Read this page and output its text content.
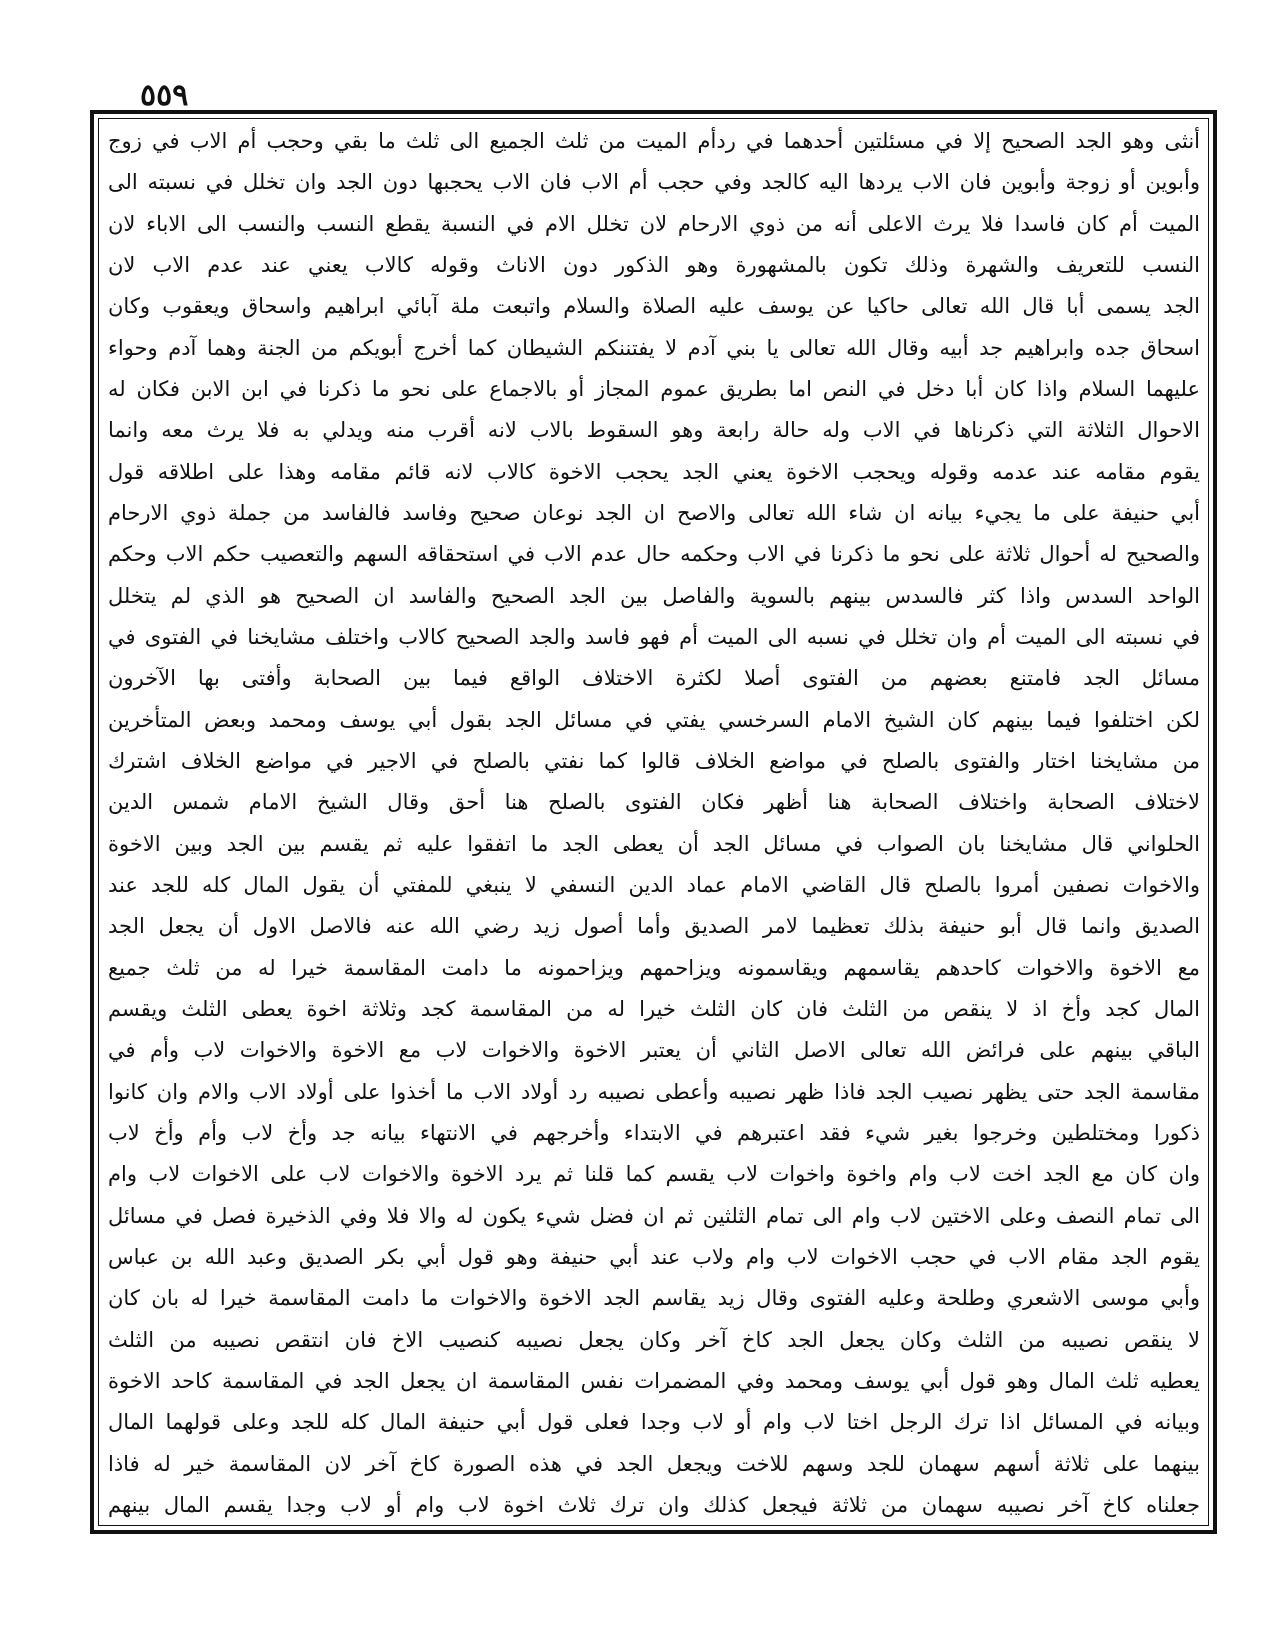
٥٥٩
أنثى وهو الجد الصحيح إلا في مسئلتين أحدهما في ردأم الميت من ثلث الجميع الى ثلث ما بقي وحجب أم الاب في زوج
وأبوين أو زوجة وأبوين فان الاب يردها اليه كالجد وفي حجب أم الاب فان الاب يحجبها دون الجد وان تخلل في نسبته الى
الميت أم كان فاسدا فلا يرث الاعلى أنه من ذوي الارحام لان تخلل الام في النسبة يقطع النسب والنسب الى الاباء لان
النسب للتعريف والشهرة وذلك تكون بالمشهورة وهو الذكور دون الاناث وقوله كالاب يعني عند عدم الاب لان
الجد يسمى أبا قال الله تعالى حاكيا عن يوسف عليه الصلاة والسلام واتبعت ملة آبائي ابراهيم واسحاق ويعقوب وكان
اسحاق جده وابراهيم جد أبيه وقال الله تعالى يا بني آدم لا يفتننكم الشيطان كما أخرج أبويكم من الجنة وهما آدم وحواء
عليهما السلام واذا كان أبا دخل في النص اما بطريق عموم المجاز أو بالاجماع على نحو ما ذكرنا في ابن الابن فكان له
الاحوال الثلاثة التي ذكرناها في الاب وله حالة رابعة وهو السقوط بالاب لانه أقرب منه ويدلي به فلا يرث معه وانما
يقوم مقامه عند عدمه وقوله ويحجب الاخوة يعني الجد يحجب الاخوة كالاب لانه قائم مقامه وهذا على اطلاقه قول
أبي حنيفة على ما يجيء بيانه ان شاء الله تعالى والاصح ان الجد نوعان صحيح وفاسد فالفاسد من جملة ذوي الارحام
والصحيح له أحوال ثلاثة على نحو ما ذكرنا في الاب وحكمه حال عدم الاب في استحقاقه السهم والتعصيب حكم الاب وحكم
الواحد السدس واذا كثر فالسدس بينهم بالسوية والفاصل بين الجد الصحيح والفاسد ان الصحيح هو الذي لم يتخلل
في نسبته الى الميت أم وان تخلل في نسبه الى الميت أم فهو فاسد والجد الصحيح كالاب واختلف مشايخنا في الفتوى في
مسائل الجد فامتنع بعضهم من الفتوى أصلا لكثرة الاختلاف الواقع فيما بين الصحابة وأفتى بها الآخرون
لكن اختلفوا فيما بينهم كان الشيخ الامام السرخسي يفتي في مسائل الجد بقول أبي يوسف ومحمد وبعض المتأخرين
من مشايخنا اختار والفتوى بالصلح في مواضع الخلاف قالوا كما نفتي بالصلح في الاجير في مواضع الخلاف اشترك
لاختلاف الصحابة واختلاف الصحابة هنا أظهر فكان الفتوى بالصلح هنا أحق وقال الشيخ الامام شمس الدين
الحلواني قال مشايخنا بان الصواب في مسائل الجد أن يعطى الجد ما اتفقوا عليه ثم يقسم بين الجد وبين الاخوة
والاخوات نصفين أمروا بالصلح قال القاضي الامام عماد الدين النسفي لا ينبغي للمفتي أن يقول المال كله للجد عند
الصديق وانما قال أبو حنيفة بذلك تعظيما لامر الصديق وأما أصول زيد رضي الله عنه فالاصل الاول أن يجعل الجد
مع الاخوة والاخوات كاحدهم يقاسمهم ويقاسمونه ويزاحمهم ويزاحمونه ما دامت المقاسمة خيرا له من ثلث جميع
المال كجد وأخ اذ لا ينقص من الثلث فان كان الثلث خيرا له من المقاسمة كجد وثلاثة اخوة يعطى الثلث ويقسم
الباقي بينهم على فرائض الله تعالى الاصل الثاني أن يعتبر الاخوة والاخوات لاب مع الاخوة والاخوات لاب وأم في
مقاسمة الجد حتى يظهر نصيب الجد فاذا ظهر نصيبه وأعطى نصيبه رد أولاد الاب ما أخذوا على أولاد الاب والام وان كانوا
ذكورا ومختلطين وخرجوا بغير شيء فقد اعتبرهم في الابتداء وأخرجهم في الانتهاء بيانه جد وأخ لاب وأم وأخ لاب
وان كان مع الجد اخت لاب وام واخوة واخوات لاب يقسم كما قلنا ثم يرد الاخوة والاخوات لاب على الاخوات لاب وام
الى تمام النصف وعلى الاختين لاب وام الى تمام الثلثين ثم ان فضل شيء يكون له والا فلا وفي الذخيرة فصل في مسائل
يقوم الجد مقام الاب في حجب الاخوات لاب وام ولاب عند أبي حنيفة وهو قول أبي بكر الصديق وعبد الله بن عباس
وأبي موسى الاشعري وطلحة وعليه الفتوى وقال زيد يقاسم الجد الاخوة والاخوات ما دامت المقاسمة خيرا له بان كان
لا ينقص نصيبه من الثلث وكان يجعل الجد كاخ آخر وكان يجعل نصيبه كنصيب الاخ فان انتقص نصيبه من الثلث
يعطيه ثلث المال وهو قول أبي يوسف ومحمد وفي المضمرات نفس المقاسمة ان يجعل الجد في المقاسمة كاحد الاخوة
وبيانه في المسائل اذا ترك الرجل اختا لاب وام أو لاب وجدا فعلى قول أبي حنيفة المال كله للجد وعلى قولهما المال
بينهما على ثلاثة أسهم سهمان للجد وسهم للاخت ويجعل الجد في هذه الصورة كاخ آخر لان المقاسمة خير له فاذا
جعلناه كاخ آخر نصيبه سهمان من ثلاثة فيجعل كذلك وان ترك ثلاث اخوة لاب وام أو لاب وجدا يقسم المال بينهم
